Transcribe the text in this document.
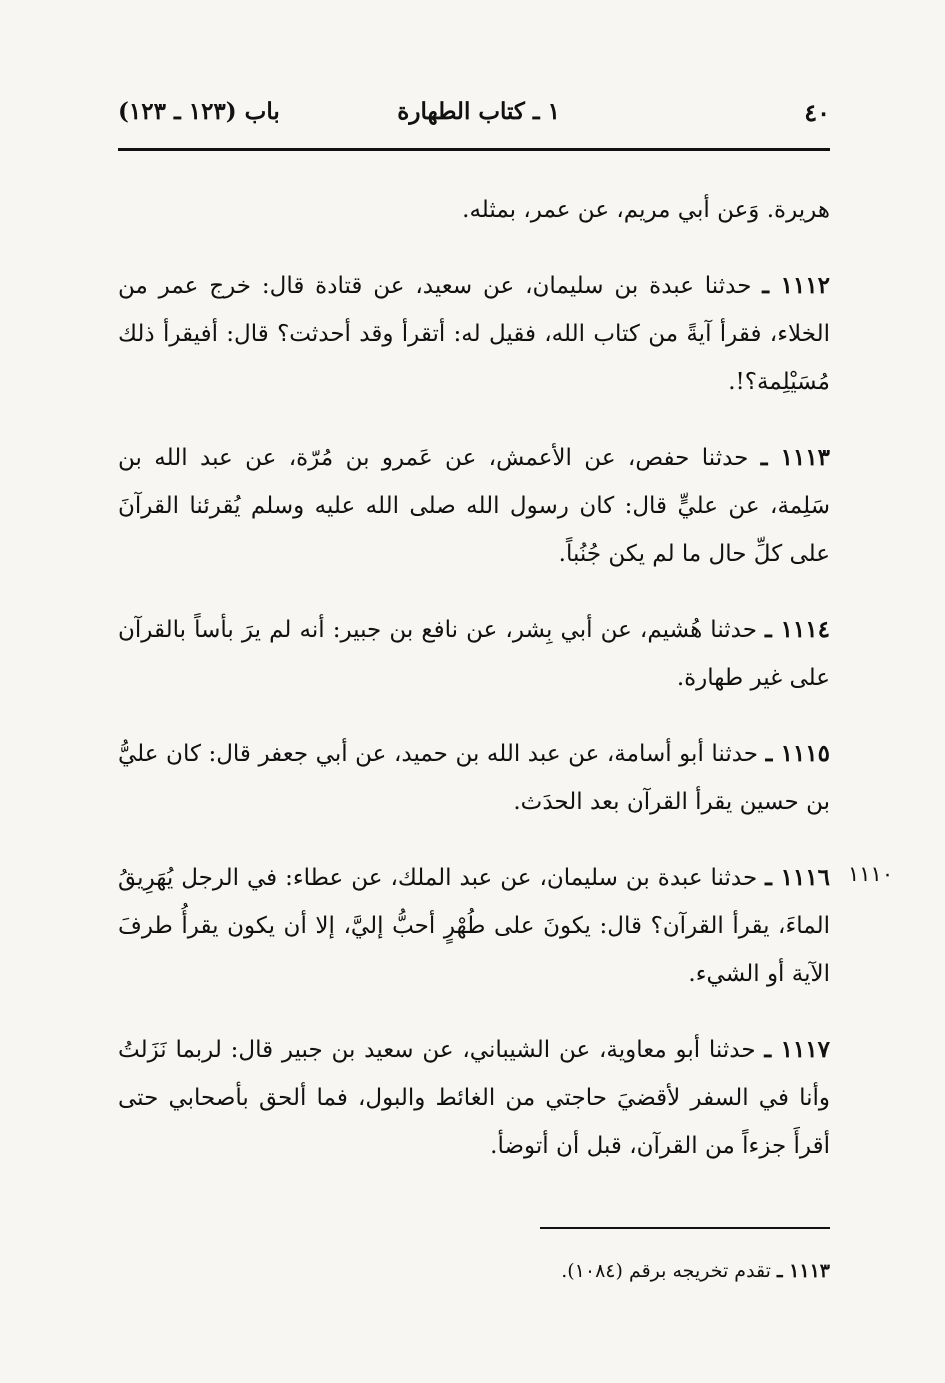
٤٠
١ ـ كتاب الطهارة
باب (١٢٣ ـ ١٢٣)

هريرة. وَعن أبي مريم، عن عمر، بمثله.

١١١٢ ـ حدثنا عبدة بن سليمان، عن سعيد، عن قتادة قال: خرج عمر من الخلاء، فقرأ آيةً من كتاب الله، فقيل له: أتقرأ وقد أحدثت؟ قال: أفيقرأ ذلك مُسَيْلِمة؟!.

١١١٣ ـ حدثنا حفص، عن الأعمش، عن عَمرو بن مُرّة، عن عبد الله بن سَلِمة، عن عليٍّ قال: كان رسول الله صلى الله عليه وسلم يُقرئنا القرآنَ على كلِّ حال ما لم يكن جُنُباً.

١١١٤ ـ حدثنا هُشيم، عن أبي بِشر، عن نافع بن جبير: أنه لم يرَ بأساً بالقرآن على غير طهارة.

١١١٥ ـ حدثنا أبو أسامة، عن عبد الله بن حميد، عن أبي جعفر قال: كان عليُّ بن حسين يقرأ القرآن بعد الحدَث.

١١١٦ ـ حدثنا عبدة بن سليمان، عن عبد الملك، عن عطاء: في الرجل يُهَرِيقُ الماءَ، يقرأ القرآن؟ قال: يكونَ على طُهْرٍ أحبُّ إليَّ، إلا أن يكون يقرأُ طرفَ الآية أو الشيء.

١١١٧ ـ حدثنا أبو معاوية، عن الشيباني، عن سعيد بن جبير قال: لربما نَزَلتُ وأنا في السفر لأقضيَ حاجتي من الغائط والبول، فما ألحق بأصحابي حتى أقرأَ جزءاً من القرآن، قبل أن أتوضأ.

١١١٠
١١١٣ ـ تقدم تخريجه برقم (١٠٨٤).
